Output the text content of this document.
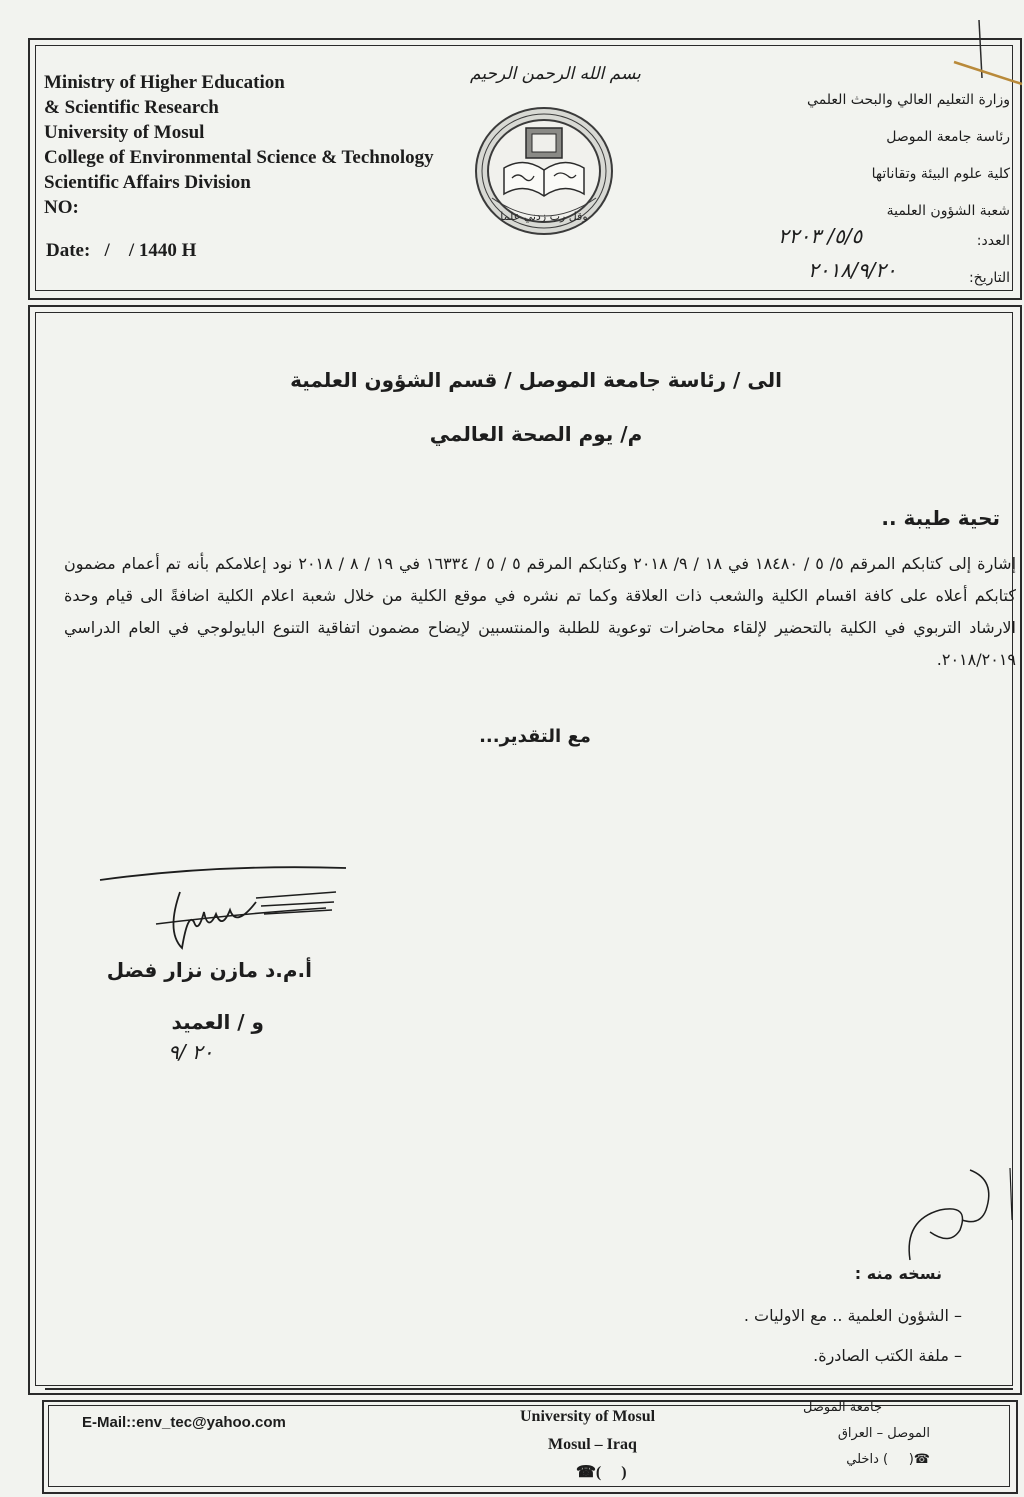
Ministry of Higher Education
& Scientific Research
University of Mosul
College of Environmental Science & Technology
Scientific Affairs Division
NO:
Date:   /    / 1440 H
بسم الله الرحمن الرحيم
وقل رب زدني علما
وزارة التعليم العالي والبحث العلمي
رئاسة جامعة الموصل
كلية علوم البيئة وتقاناتها
شعبة الشؤون العلمية
العدد:
٥/٥/ ٢٢٠٣
التاريخ:
٢٠١٨/٩/٢٠
الى / رئاسة جامعة الموصل / قسم الشؤون العلمية
م/ يوم الصحة العالمي
تحية طيبة ..
إشارة إلى كتابكم المرقم ٥/ ٥ / ١٨٤٨٠ في ١٨ / ٩/ ٢٠١٨ وكتابكم المرقم ٥ / ٥ / ١٦٣٣٤ في ١٩ / ٨ / ٢٠١٨ نود إعلامكم بأنه تم أعمام مضمون كتابكم أعلاه على كافة اقسام الكلية والشعب ذات العلاقة وكما تم نشره في موقع الكلية من خلال شعبة اعلام الكلية اضافةً الى قيام وحدة الارشاد التربوي في الكلية بالتحضير لإلقاء محاضرات توعوية للطلبة والمنتسبين لإيضاح مضمون اتفاقية التنوع البايولوجي في العام الدراسي ٢٠١٨/٢٠١٩.
مع التقدير...
أ.م.د مازن نزار فضل
و / العميد
٢٠ /٩
نسخه منه :
– الشؤون العلمية .. مع الاوليات .
– ملفة الكتب الصادرة.
E-Mail::env_tec@yahoo.com	University of Mosul
Mosul – Iraq
☎(     )
جامعة الموصل
الموصل – العراق
☎(     ) داخلي
